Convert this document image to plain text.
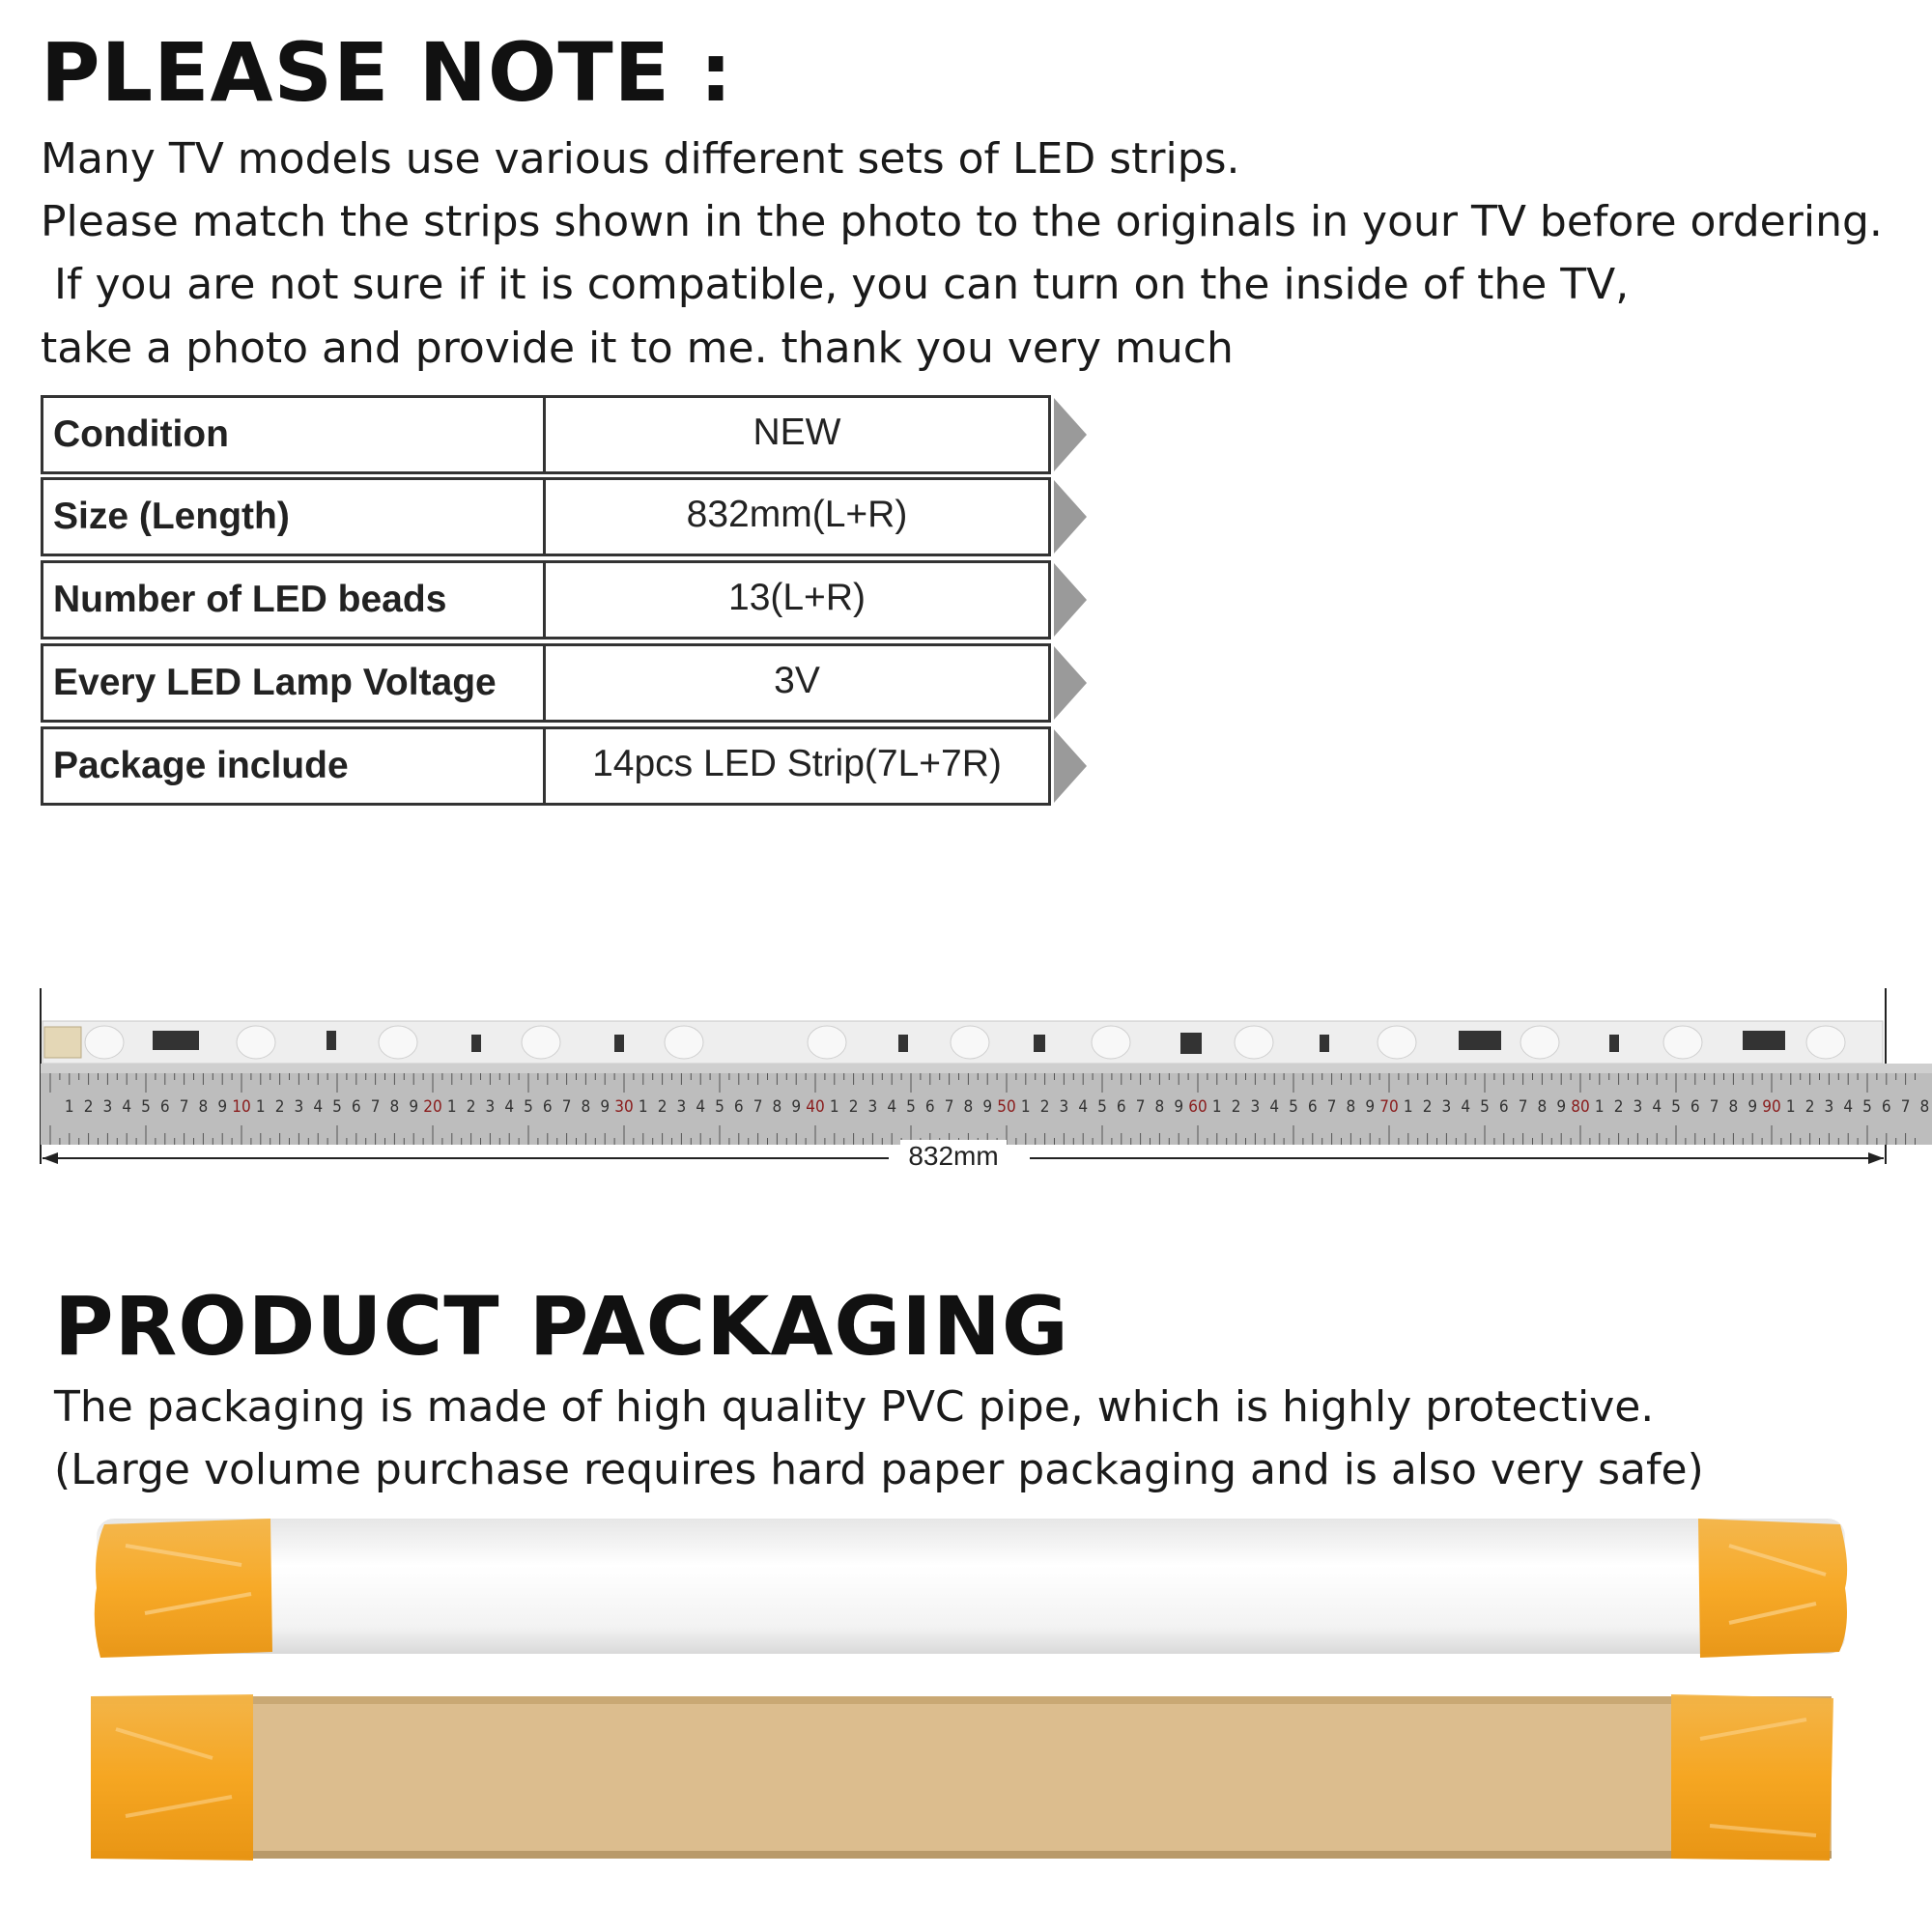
PLEASE NOTE :
Many TV models use various different sets of LED strips.
Please match the strips shown in the photo to the originals in your TV before ordering.
If you are not sure if it is compatible, you can turn on the inside of the TV,
take a photo and provide it to me. thank you very much
Condition	NEW
Size (Length)	832mm(L+R)
Number of LED beads	13(L+R)
Every LED Lamp Voltage	3V
Package include	14pcs LED Strip(7L+7R)
1 2 3 4 5 6 7 8 9 10 1 2 3 4 5 6 7 8 9 20 1 2 3 4 5 6 7 8 9 30 1 2 3 4 5 6 7 8 9 40 1 2 3 4 5 6 7 8 9 50 1 2 3 4 5 6 7 8 9 60 1 2 3 4 5 6 7 8 9 70 1 2 3 4 5 6 7 8 9 80 1 2 3 4 5 6 7 8 9 90 1 2 3 4 5 6 7 8
832mm
PRODUCT PACKAGING
The packaging is made of high quality PVC pipe, which is highly protective.
(Large volume purchase requires hard paper packaging and is also very safe)
